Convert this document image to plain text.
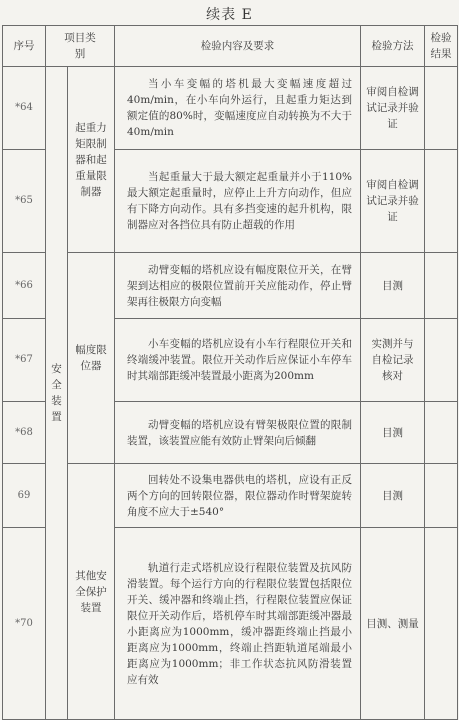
续表 E
序号	项目类别		检验内容及要求	检验方法	检验结果
*64	安全装置	起重力矩限制器和起重量限制器	当小车变幅的塔机最大变幅速度超过40m/min，在小车向外运行，且起重力矩达到额定值的80%时，变幅速度应自动转换为不大于40m/min	审阅自检调试记录并验证	
*65			当起重量大于最大额定起重量并小于110%最大额定起重量时，应停止上升方向动作，但应有下降方向动作。具有多挡变速的起升机构，限制器应对各挡位具有防止超载的作用	审阅自检调试记录并验证	
*66		幅度限位器	动臂变幅的塔机应设有幅度限位开关，在臂架到达相应的极限位置前开关应能动作，停止臂架再往极限方向变幅	目测	
*67			小车变幅的塔机应设有小车行程限位开关和终端缓冲装置。限位开关动作后应保证小车停车时其端部距缓冲装置最小距离为200mm	实测并与自检记录核对	
*68			动臂变幅的塔机应设有臂架极限位置的限制装置，该装置应能有效防止臂架向后倾翻	目测	
69		其他安全保护装置	回转处不设集电器供电的塔机，应设有正反两个方向的回转限位器，限位器动作时臂架旋转角度不应大于±540°	目测	
*70			轨道行走式塔机应设行程限位装置及抗风防滑装置。每个运行方向的行程限位装置包括限位开关、缓冲器和终端止挡，行程限位装置应保证限位开关动作后，塔机停车时其端部距缓冲器最小距离应为1000mm，缓冲器距终端止挡最小距离应为1000mm，终端止挡距轨道尾端最小距离应为1000mm；非工作状态抗风防滑装置应有效	目测、测量	
